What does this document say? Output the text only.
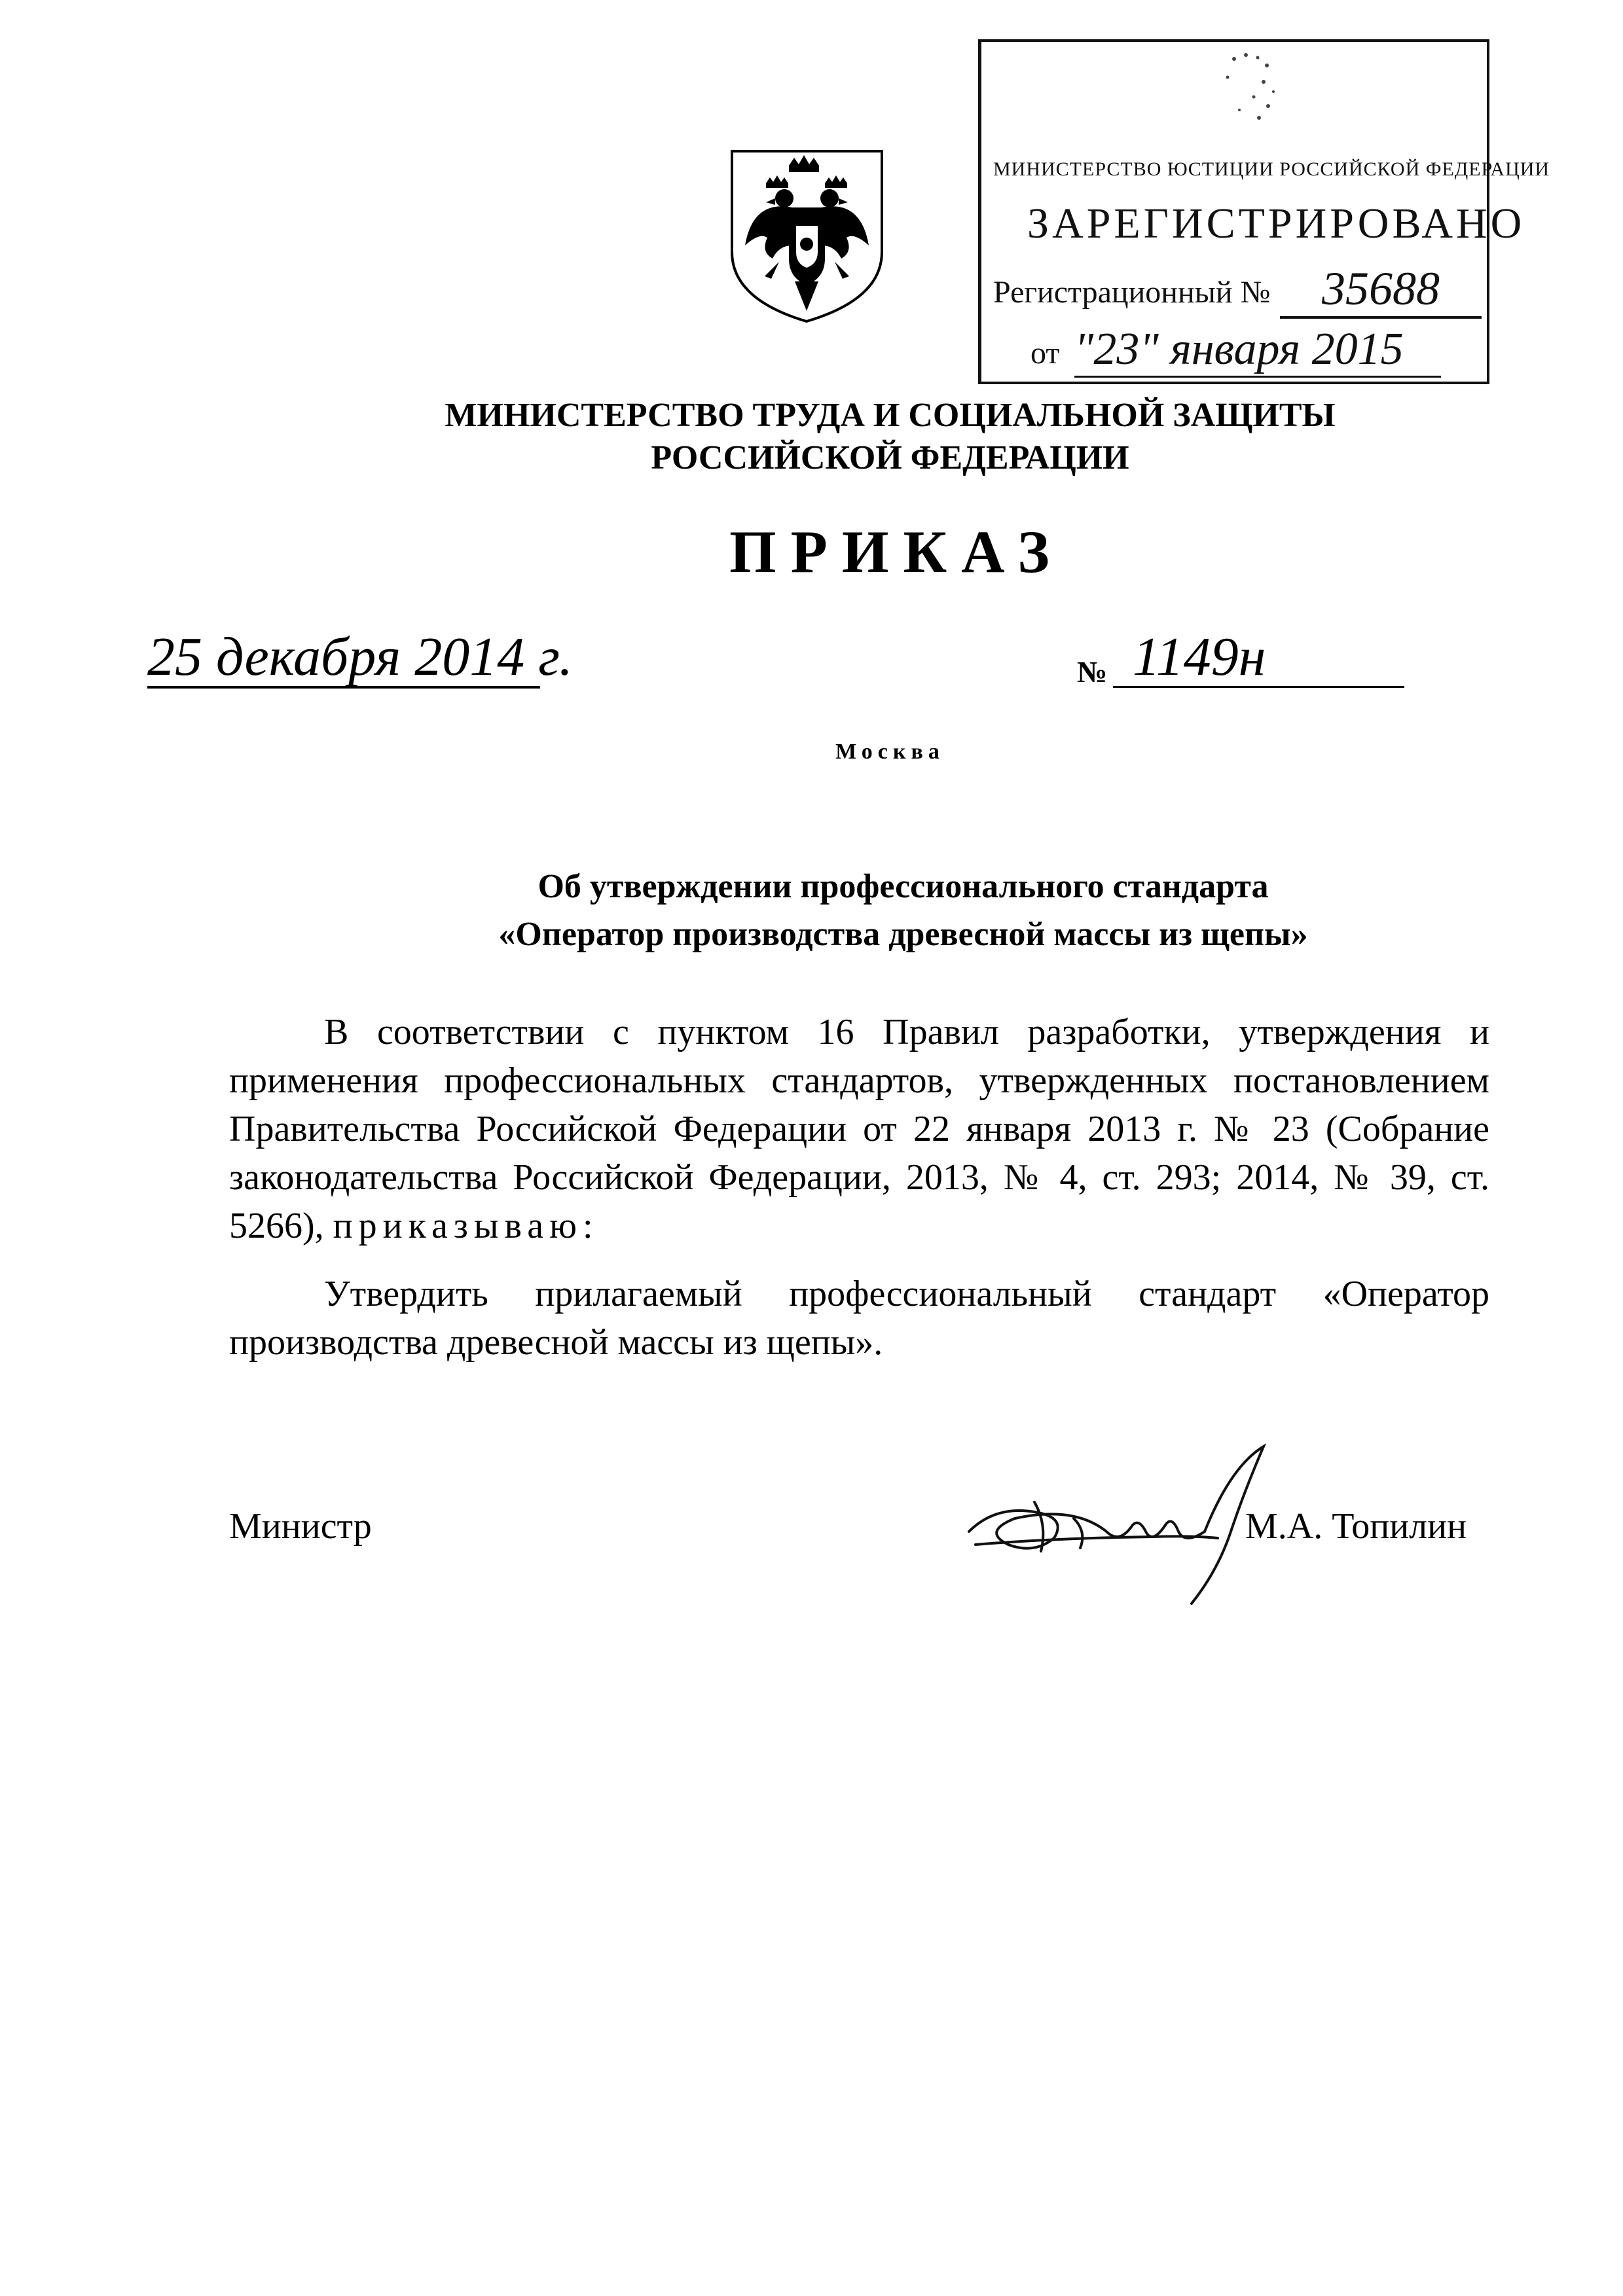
МИНИСТЕРСТВО ЮСТИЦИИ РОССИЙСКОЙ ФЕДЕРАЦИИ
ЗАРЕГИСТРИРОВАНО
Регистрационный №	35688
от "23" января 2015
МИНИСТЕРСТВО ТРУДА И СОЦИАЛЬНОЙ ЗАЩИТЫ
РОССИЙСКОЙ ФЕДЕРАЦИИ
ПРИКАЗ
25 декабря 2014 г.	№ 1149н
Москва
Об утверждении профессионального стандарта
«Оператор производства древесной массы из щепы»
В соответствии с пунктом 16 Правил разработки, утверждения и применения профессиональных стандартов, утвержденных постановлением Правительства Российской Федерации от 22 января 2013 г. № 23 (Собрание законодательства Российской Федерации, 2013, № 4, ст. 293; 2014, № 39, ст. 5266), приказываю:
Утвердить прилагаемый профессиональный стандарт «Оператор производства древесной массы из щепы».
Министр	М.А. Топилин
